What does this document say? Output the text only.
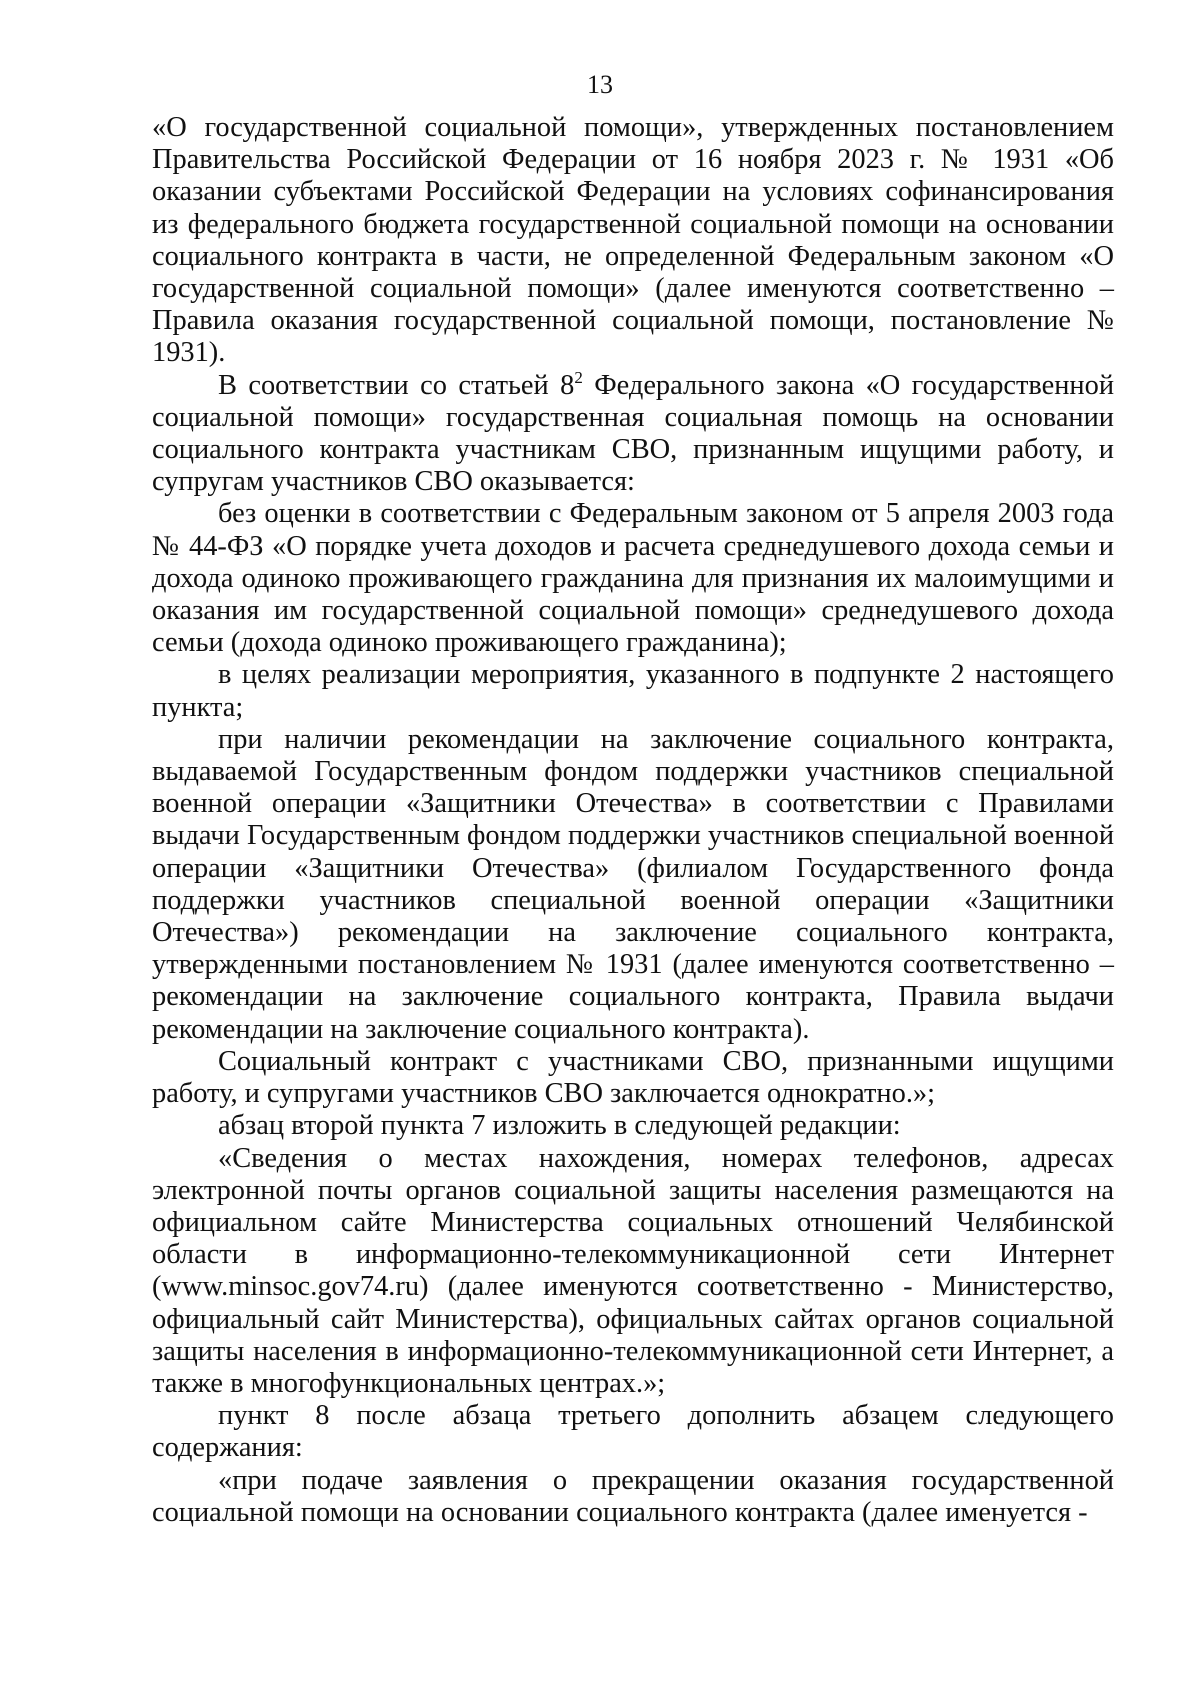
13

«О государственной социальной помощи», утвержденных постановлением Правительства Российской Федерации от 16 ноября 2023 г. № 1931 «Об оказании субъектами Российской Федерации на условиях софинансирования из федерального бюджета государственной социальной помощи на основании социального контракта в части, не определенной Федеральным законом «О государственной социальной помощи» (далее именуются соответственно – Правила оказания государственной социальной помощи, постановление № 1931).

В соответствии со статьей $8^2$ Федерального закона «О государственной социальной помощи» государственная социальная помощь на основании социального контракта участникам СВО, признанным ищущими работу, и супругам участников СВО оказывается:

без оценки в соответствии с Федеральным законом от 5 апреля 2003 года № 44-ФЗ «О порядке учета доходов и расчета среднедушевого дохода семьи и дохода одиноко проживающего гражданина для признания их малоимущими и оказания им государственной социальной помощи» среднедушевого дохода семьи (дохода одиноко проживающего гражданина);

в целях реализации мероприятия, указанного в подпункте 2 настоящего пункта;

при наличии рекомендации на заключение социального контракта, выдаваемой Государственным фондом поддержки участников специальной военной операции «Защитники Отечества» в соответствии с Правилами выдачи Государственным фондом поддержки участников специальной военной операции «Защитники Отечества» (филиалом Государственного фонда поддержки участников специальной военной операции «Защитники Отечества») рекомендации на заключение социального контракта, утвержденными постановлением № 1931 (далее именуются соответственно – рекомендации на заключение социального контракта, Правила выдачи рекомендации на заключение социального контракта).

Социальный контракт с участниками СВО, признанными ищущими работу, и супругами участников СВО заключается однократно.»;

абзац второй пункта 7 изложить в следующей редакции:

«Сведения о местах нахождения, номерах телефонов, адресах электронной почты органов социальной защиты населения размещаются на официальном сайте Министерства социальных отношений Челябинской области в информационно-телекоммуникационной сети Интернет (www.minsoc.gov74.ru) (далее именуются соответственно - Министерство, официальный сайт Министерства), официальных сайтах органов социальной защиты населения в информационно-телекоммуникационной сети Интернет, а также в многофункциональных центрах.»;

пункт 8 после абзаца третьего дополнить абзацем следующего содержания:

«при подаче заявления о прекращении оказания государственной социальной помощи на основании социального контракта (далее именуется -
